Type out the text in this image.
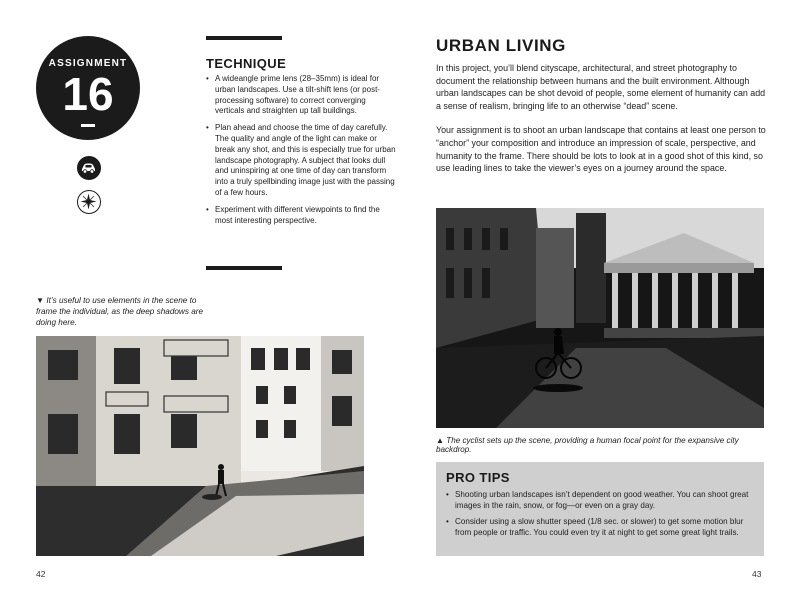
ASSIGNMENT
16
TECHNIQUE
• A wideangle prime lens (28–35mm) is ideal for urban landscapes. Use a tilt-shift lens (or post-processing software) to correct converging verticals and straighten up tall buildings.
• Plan ahead and choose the time of day carefully. The quality and angle of the light can make or break any shot, and this is especially true for urban landscape photography. A subject that looks dull and uninspiring at one time of day can transform into a truly spellbinding image just with the passing of a few hours.
• Experiment with different viewpoints to find the most interesting perspective.
▼ It’s useful to use elements in the scene to frame the individual, as the deep shadows are doing here.
42
URBAN LIVING

In this project, you’ll blend cityscape, architectural, and street photography to document the relationship between humans and the built environment. Although urban landscapes can be shot devoid of people, some element of humanity can add a sense of realism, bringing life to an otherwise “dead” scene.

Your assignment is to shoot an urban landscape that contains at least one person to “anchor” your composition and introduce an impression of scale, perspective, and humanity to the frame. There should be lots to look at in a good shot of this kind, so use leading lines to take the viewer’s eyes on a journey around the space.

▲ The cyclist sets up the scene, providing a human focal point for the expansive city backdrop.
PRO TIPS
• Shooting urban landscapes isn’t dependent on good weather. You can shoot great images in the rain, snow, or fog—or even on a gray day.
• Consider using a slow shutter speed (1/8 sec. or slower) to get some motion blur from people or traffic. You could even try it at night to get some great light trails.
43
